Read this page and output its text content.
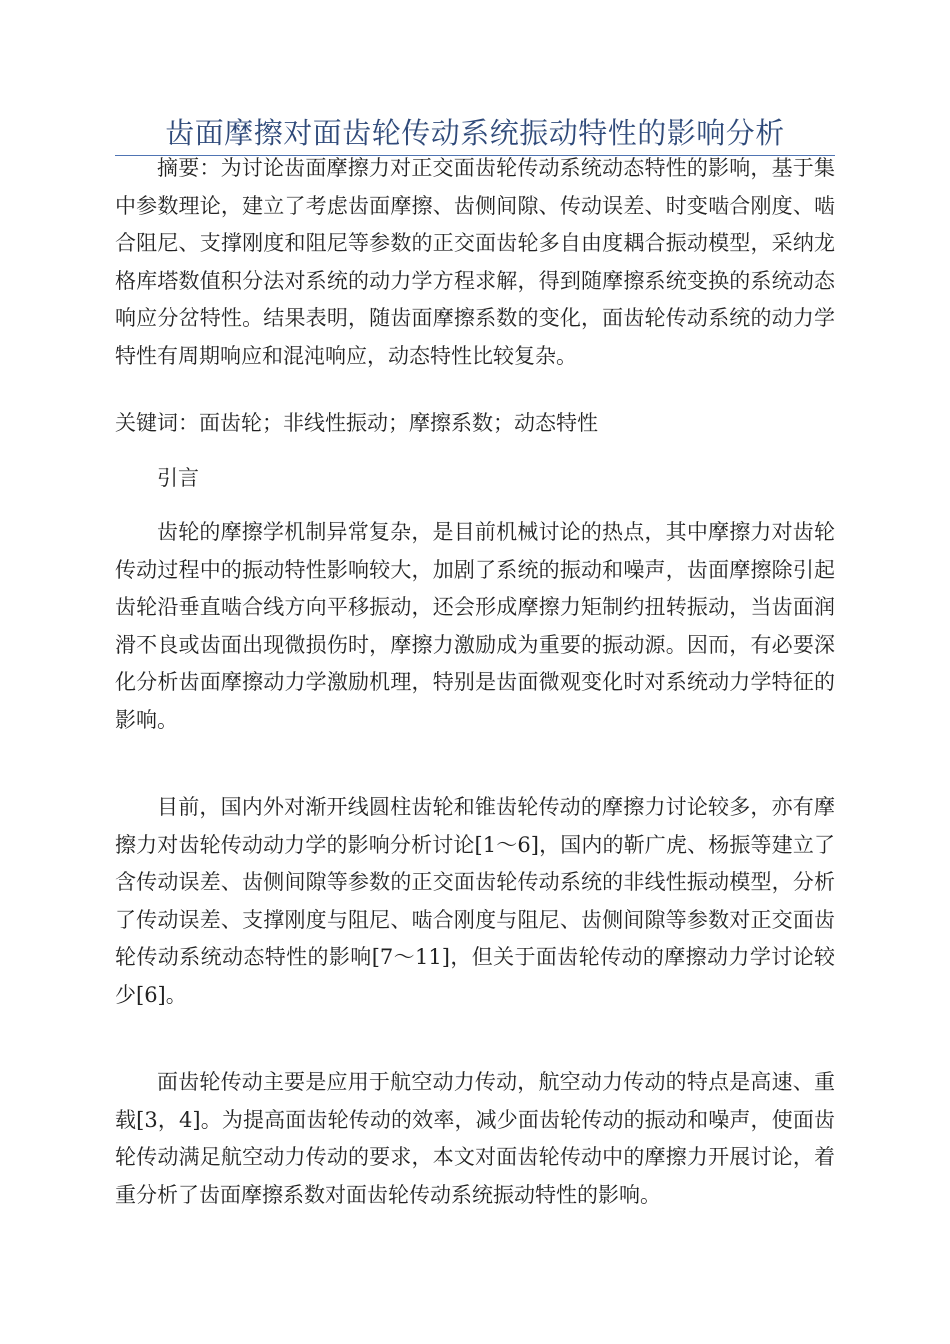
齿面摩擦对面齿轮传动系统振动特性的影响分析
摘要：为讨论齿面摩擦力对正交面齿轮传动系统动态特性的影响，基于集中参数理论，建立了考虑齿面摩擦、齿侧间隙、传动误差、时变啮合刚度、啮合阻尼、支撑刚度和阻尼等参数的正交面齿轮多自由度耦合振动模型，采纳龙格库塔数值积分法对系统的动力学方程求解，得到随摩擦系统变换的系统动态响应分岔特性。结果表明，随齿面摩擦系数的变化，面齿轮传动系统的动力学特性有周期响应和混沌响应，动态特性比较复杂。
关键词：面齿轮；非线性振动；摩擦系数；动态特性
引言
齿轮的摩擦学机制异常复杂，是目前机械讨论的热点，其中摩擦力对齿轮传动过程中的振动特性影响较大，加剧了系统的振动和噪声，齿面摩擦除引起齿轮沿垂直啮合线方向平移振动，还会形成摩擦力矩制约扭转振动，当齿面润滑不良或齿面出现微损伤时，摩擦力激励成为重要的振动源。因而，有必要深化分析齿面摩擦动力学激励机理，特别是齿面微观变化时对系统动力学特征的影响。
目前，国内外对渐开线圆柱齿轮和锥齿轮传动的摩擦力讨论较多，亦有摩擦力对齿轮传动动力学的影响分析讨论[1～6]，国内的靳广虎、杨振等建立了含传动误差、齿侧间隙等参数的正交面齿轮传动系统的非线性振动模型，分析了传动误差、支撑刚度与阻尼、啮合刚度与阻尼、齿侧间隙等参数对正交面齿轮传动系统动态特性的影响[7～11]，但关于面齿轮传动的摩擦动力学讨论较少[6]。
面齿轮传动主要是应用于航空动力传动，航空动力传动的特点是高速、重载[3，4]。为提高面齿轮传动的效率，减少面齿轮传动的振动和噪声，使面齿轮传动满足航空动力传动的要求，本文对面齿轮传动中的摩擦力开展讨论，着重分析了齿面摩擦系数对面齿轮传动系统振动特性的影响。
